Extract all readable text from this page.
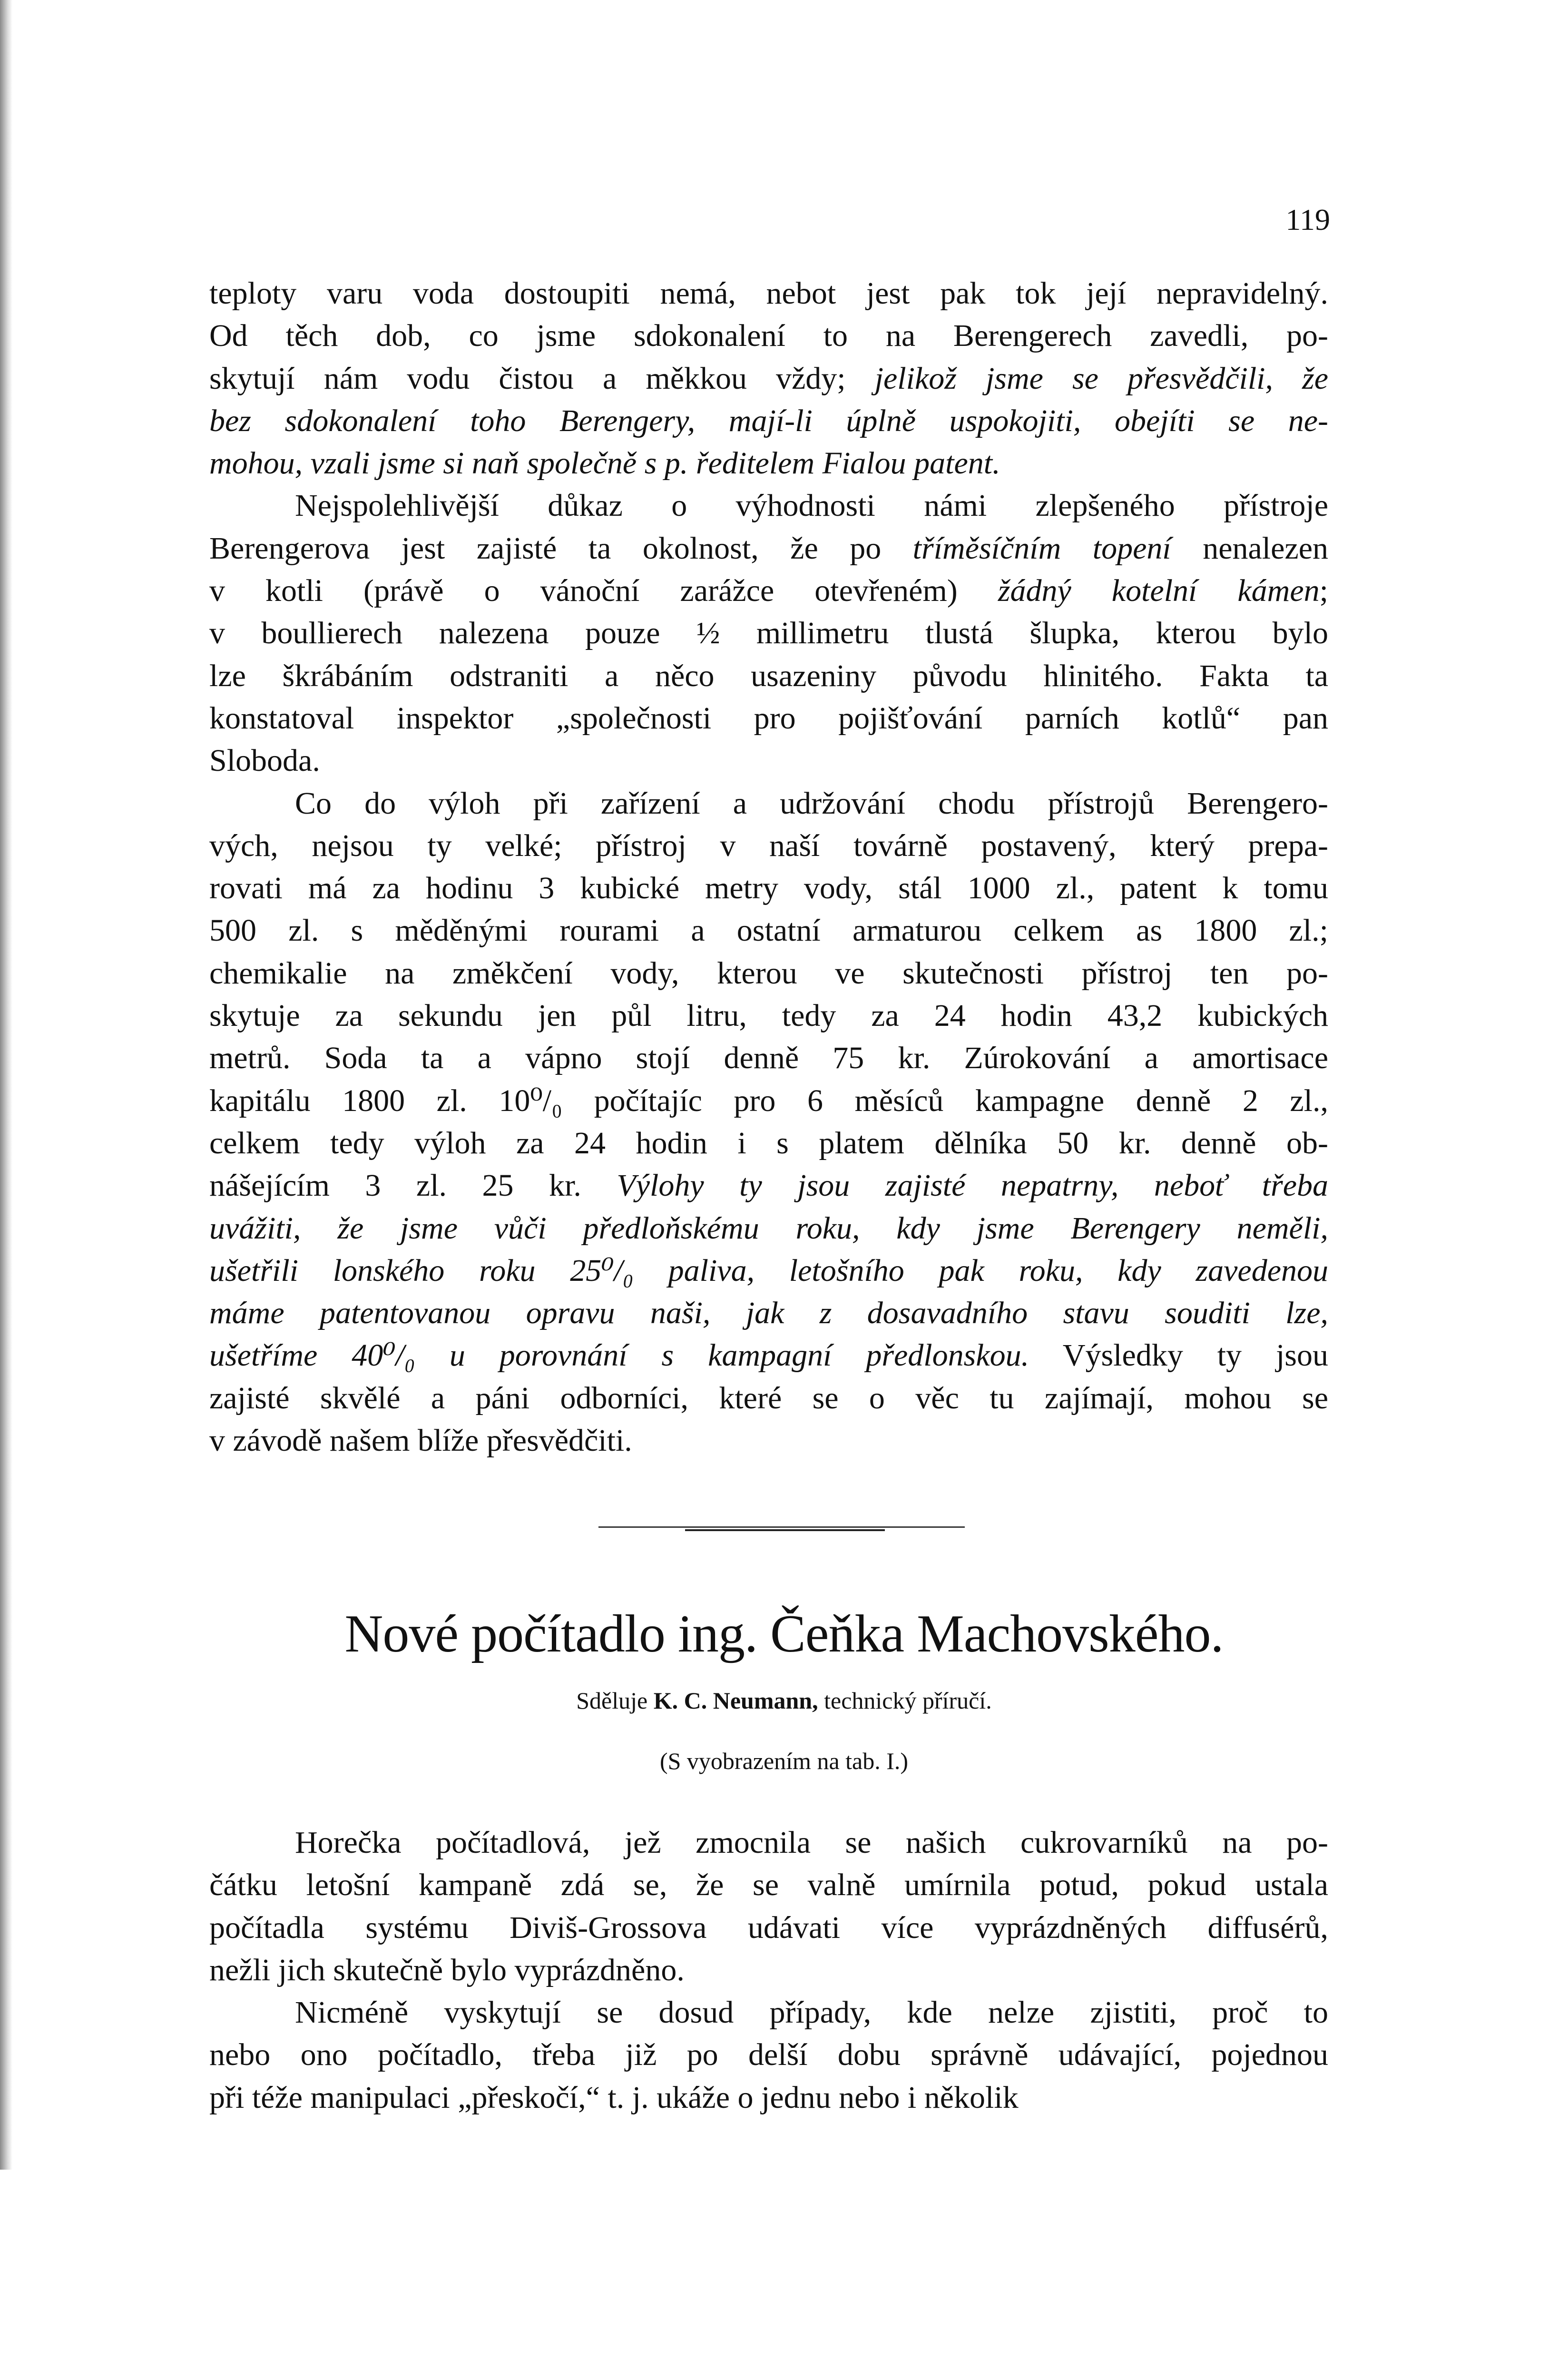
119
teploty varu voda dostoupiti nemá, nebot jest pak tok její nepravidelný.
Od těch dob, co jsme sdokonalení to na Berengerech zavedli, po-
skytují nám vodu čistou a měkkou vždy; jelikož jsme se přesvědčili, že
bez sdokonalení toho Berengery, mají-li úplně uspokojiti, obejíti se ne-
mohou, vzali jsme si naň společně s p. ředitelem Fialou patent.
Nejspolehlivější důkaz o výhodnosti námi zlepšeného přístroje
Berengerova jest zajisté ta okolnost, že po tříměsíčním topení nenalezen
v kotli (právě o vánoční zarážce otevřeném) žádný kotelní kámen;
v boullierech nalezena pouze ½ millimetru tlustá šlupka, kterou bylo
lze škrábáním odstraniti a něco usazeniny původu hlinitého. Fakta ta
konstatoval inspektor „společnosti pro pojišťování parních kotlů“ pan
Sloboda.
Co do výloh při zařízení a udržování chodu přístrojů Berengero-
vých, nejsou ty velké; přístroj v naší továrně postavený, který prepa-
rovati má za hodinu 3 kubické metry vody, stál 1000 zl., patent k tomu
500 zl. s měděnými rourami a ostatní armaturou celkem as 1800 zl.;
chemikalie na změkčení vody, kterou ve skutečnosti přístroj ten po-
skytuje za sekundu jen půl litru, tedy za 24 hodin 43,2 kubických
metrů. Soda ta a vápno stojí denně 75 kr. Zúrokování a amortisace
kapitálu 1800 zl. 10⁰/₀ počítajíc pro 6 měsíců kampagne denně 2 zl.,
celkem tedy výloh za 24 hodin i s platem dělníka 50 kr. denně ob-
nášejícím 3 zl. 25 kr. Výlohy ty jsou zajisté nepatrny, neboť třeba
uvážiti, že jsme vůči předloňskému roku, kdy jsme Berengery neměli,
ušetřili lonského roku 25⁰/₀ paliva, letošního pak roku, kdy zavedenou
máme patentovanou opravu naši, jak z dosavadního stavu souditi lze,
ušetříme 40⁰/₀ u porovnání s kampagní předlonskou. Výsledky ty jsou
zajisté skvělé a páni odborníci, které se o věc tu zajímají, mohou se
v závodě našem blíže přesvědčiti.
Nové počítadlo ing. Čeňka Machovského.
Sděluje K. C. Neumann, technický příručí.
(S vyobrazením na tab. I.)
Horečka počítadlová, jež zmocnila se našich cukrovarníků na po-
čátku letošní kampaně zdá se, že se valně umírnila potud, pokud ustala
počítadla systému Diviš-Grossova udávati více vyprázdněných diffusérů,
nežli jich skutečně bylo vyprázdněno.
Nicméně vyskytují se dosud případy, kde nelze zjistiti, proč to
nebo ono počítadlo, třeba již po delší dobu správně udávající, pojednou
při téže manipulaci „přeskočí,“ t. j. ukáže o jednu nebo i několik
